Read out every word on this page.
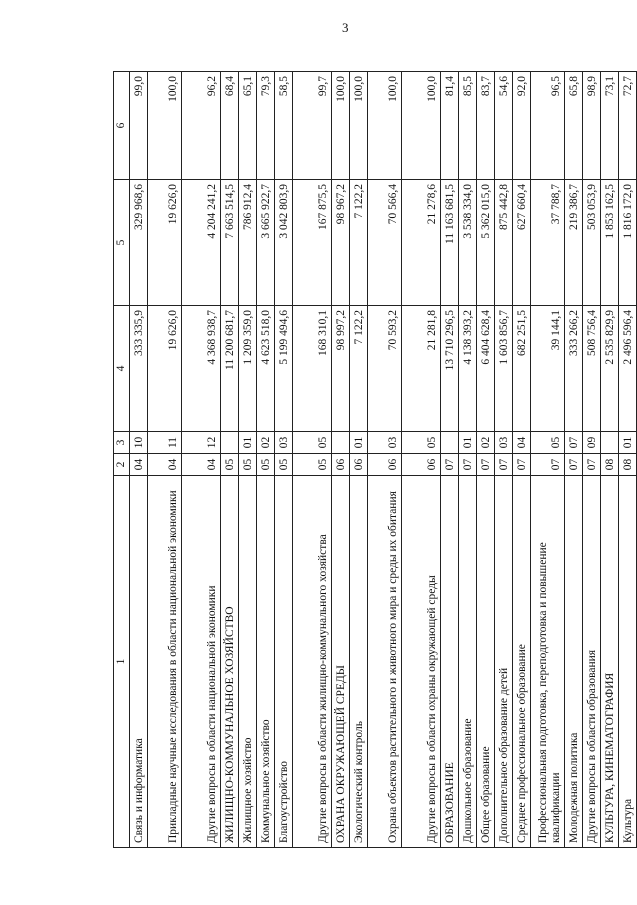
3
1	2	3	4	5	6
Связь и информатика	04	10	333 335,9	329 968,6	99,0
Прикладные научные исследования в области национальной экономики	04	11	19 626,0	19 626,0	100,0
Другие вопросы в области национальной экономики	04	12	4 368 938,7	4 204 241,2	96,2
ЖИЛИЩНО-КОММУНАЛЬНОЕ ХОЗЯЙСТВО	05		11 200 681,7	7 663 514,5	68,4
Жилищное хозяйство	05	01	1 209 359,0	786 912,4	65,1
Коммунальное хозяйство	05	02	4 623 518,0	3 665 922,7	79,3
Благоустройство	05	03	5 199 494,6	3 042 803,9	58,5
Другие вопросы в области жилищно-коммунального хозяйства	05	05	168 310,1	167 875,5	99,7
ОХРАНА ОКРУЖАЮЩЕЙ СРЕДЫ	06		98 997,2	98 967,2	100,0
Экологический контроль	06	01	7 122,2	7 122,2	100,0
Охрана объектов растительного и животного мира и среды их обитания	06	03	70 593,2	70 566,4	100,0
Другие вопросы в области охраны окружающей среды	06	05	21 281,8	21 278,6	100,0
ОБРАЗОВАНИЕ	07		13 710 296,5	11 163 681,5	81,4
Дошкольное образование	07	01	4 138 393,2	3 538 334,0	85,5
Общее образование	07	02	6 404 628,4	5 362 015,0	83,7
Дополнительное образование детей	07	03	1 603 856,7	875 442,8	54,6
Среднее профессиональное образование	07	04	682 251,5	627 660,4	92,0
Профессиональная подготовка, переподготовка и повышение квалификации	07	05	39 144,1	37 788,7	96,5
Молодежная политика	07	07	333 266,2	219 386,7	65,8
Другие вопросы в области образования	07	09	508 756,4	503 053,9	98,9
КУЛЬТУРА, КИНЕМАТОГРАФИЯ	08		2 535 829,9	1 853 162,5	73,1
Культура	08	01	2 496 596,4	1 816 172,0	72,7
